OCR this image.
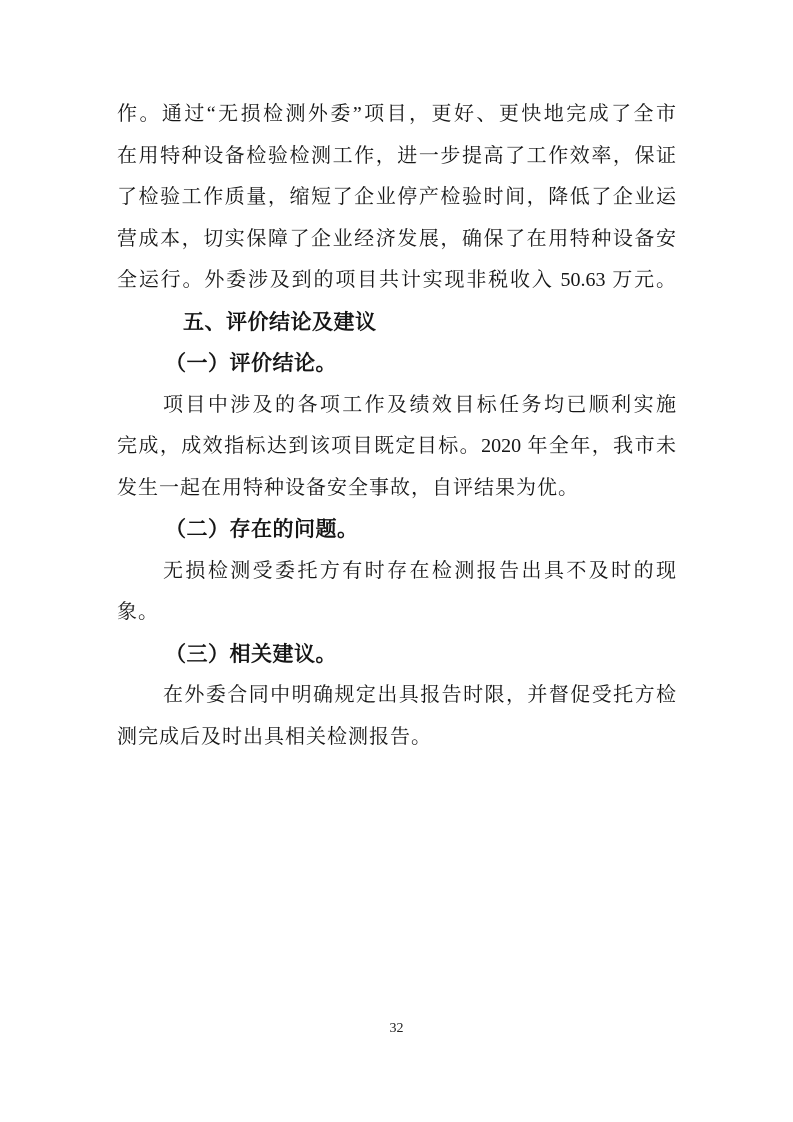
作。通过“无损检测外委”项目，更好、更快地完成了全市
在用特种设备检验检测工作，进一步提高了工作效率，保证
了检验工作质量，缩短了企业停产检验时间，降低了企业运
营成本，切实保障了企业经济发展，确保了在用特种设备安
全运行。外委涉及到的项目共计实现非税收入 50.63 万元。
五、评价结论及建议
（一）评价结论。
项目中涉及的各项工作及绩效目标任务均已顺利实施
完成，成效指标达到该项目既定目标。2020 年全年，我市未
发生一起在用特种设备安全事故，自评结果为优。
（二）存在的问题。
无损检测受委托方有时存在检测报告出具不及时的现
象。
（三）相关建议。
在外委合同中明确规定出具报告时限，并督促受托方检
测完成后及时出具相关检测报告。
32
